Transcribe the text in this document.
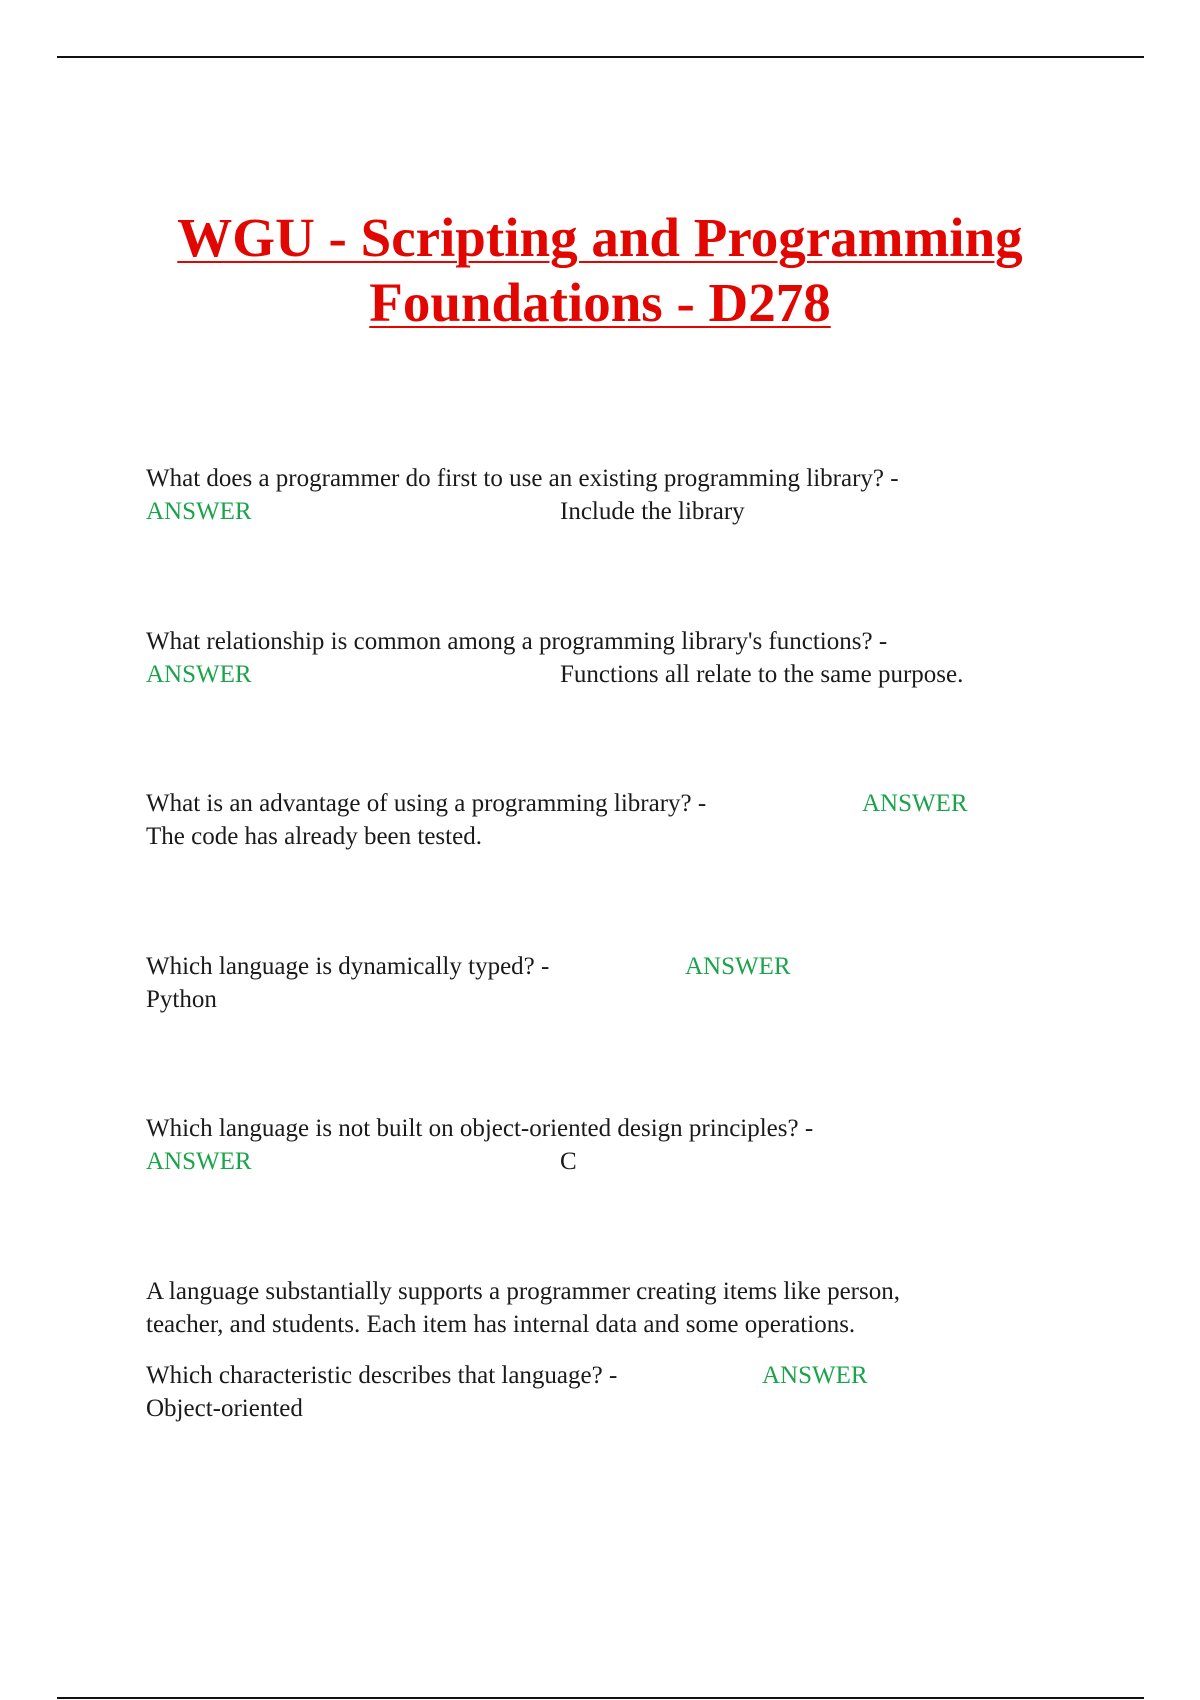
WGU - Scripting and Programming
Foundations - D278
What does a programmer do first to use an existing programming library? -
ANSWER	Include the library
What relationship is common among a programming library's functions? -
ANSWER	Functions all relate to the same purpose.
What is an advantage of using a programming library? -	ANSWER
The code has already been tested.
Which language is dynamically typed? -	ANSWER
Python
Which language is not built on object-oriented design principles? -
ANSWER	C
A language substantially supports a programmer creating items like person,
teacher, and students. Each item has internal data and some operations.
Which characteristic describes that language? -	ANSWER
Object-oriented
